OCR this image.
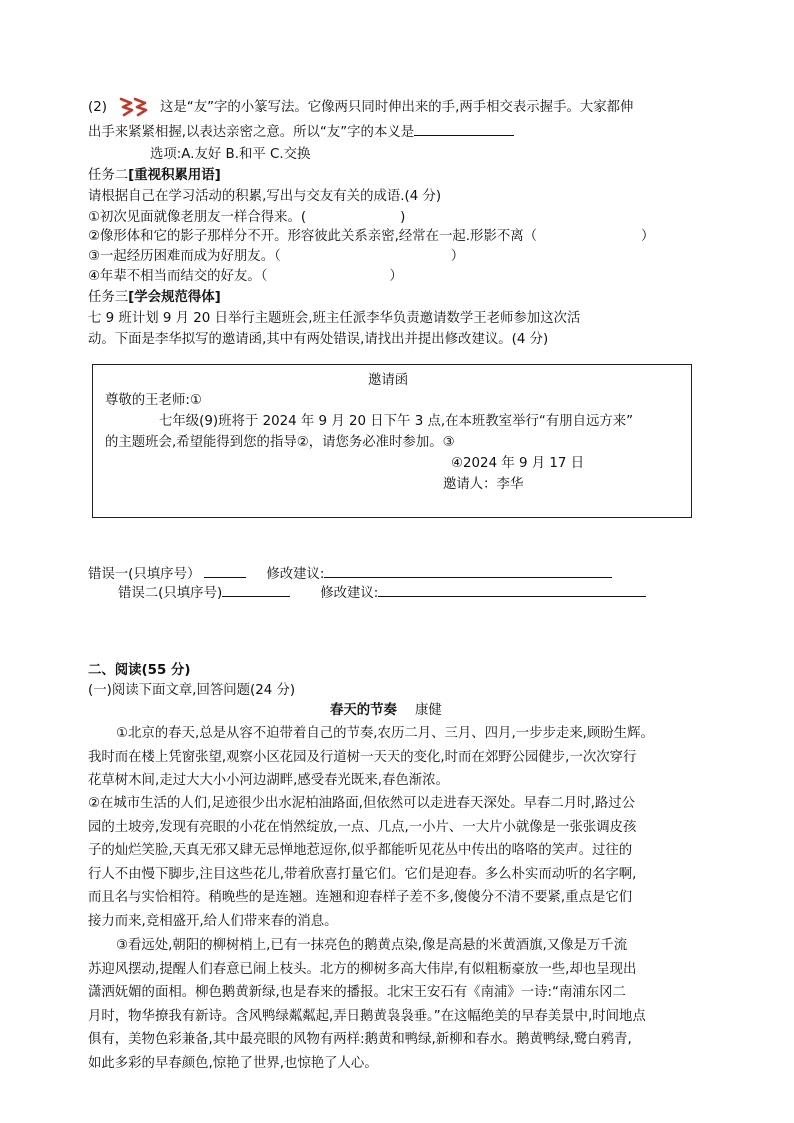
(2)	这是“友”字的小篆写法。它像两只同时伸出来的手,两手相交表示握手。大家都伸
出手来紧紧相握,以表达亲密之意。所以“友”字的本义是
选项:A.友好 B.和平 C.交换
任务二[重视积累用语]
请根据自己在学习活动的积累,写出与交友有关的成语.(4 分)
①初次见面就像老朋友一样合得来。(	)
②像形体和它的影子那样分不开。形容彼此关系亲密,经常在一起.形影不离（	）
③一起经历困难而成为好朋友。（	）
④年辈不相当而结交的好友。（	）
任务三[学会规范得体]
七 9 班计划 9 月 20 日举行主题班会,班主任派李华负责邀请数学王老师参加这次活
动。下面是李华拟写的邀请函,其中有两处错误,请找出并提出修改建议。(4 分)
邀请函
尊敬的王老师:①
七年级(9)班将于 2024 年 9 月 20 日下午 3 点,在本班教室举行“有朋自远方来”
的主题班会,希望能得到您的指导②，请您务必准时参加。③
④2024 年 9 月 17 日
邀请人：李华
错误一(只填序号）	修改建议:
错误二(只填序号)	修改建议:
二、阅读(55 分)
(一)阅读下面文章,回答问题(24 分)
春天的节奏 康健
①北京的春天,总是从容不迫带着自己的节奏,农历二月、三月、四月,一步步走来,顾盼生辉。
我时而在楼上凭窗张望,观察小区花园及行道树一天天的变化,时而在郊野公园健步,一次次穿行
花草树木间,走过大大小小河边湖畔,感受春光既来,春色渐浓。
②在城市生活的人们,足迹很少出水泥柏油路面,但依然可以走进春天深处。早春二月时,路过公
园的土坡旁,发现有亮眼的小花在悄然绽放,一点、几点,一小片、一大片小就像是一张张调皮孩
子的灿烂笑脸,天真无邪又肆无忌惮地惹逗你,似乎都能听见花丛中传出的咯咯的笑声。过往的
行人不由慢下脚步,注目这些花儿,带着欣喜打量它们。它们是迎春。多么朴实而动听的名字啊,
而且名与实恰相符。稍晚些的是连翘。连翘和迎春样子差不多,傻傻分不清不要紧,重点是它们
接力而来,竞相盛开,给人们带来春的消息。
③看远处,朝阳的柳树梢上,已有一抹亮色的鹅黄点染,像是高悬的米黄酒旗,又像是万千流
苏迎风摆动,提醒人们春意已闹上枝头。北方的柳树多高大伟岸,有似粗粝豪放一些,却也呈现出
潇洒妩媚的面相。柳色鹅黄新绿,也是春来的播报。北宋王安石有《南浦》一诗:“南浦东冈二
月时，物华撩我有新诗。含风鸭绿粼粼起,弄日鹅黄袅袅垂。”在这幅绝美的早春美景中,时间地点
俱有，美物色彩兼备,其中最亮眼的风物有两样:鹅黄和鸭绿,新柳和春水。鹅黄鸭绿,鹭白鸦青,
如此多彩的早春颜色,惊艳了世界,也惊艳了人心。
